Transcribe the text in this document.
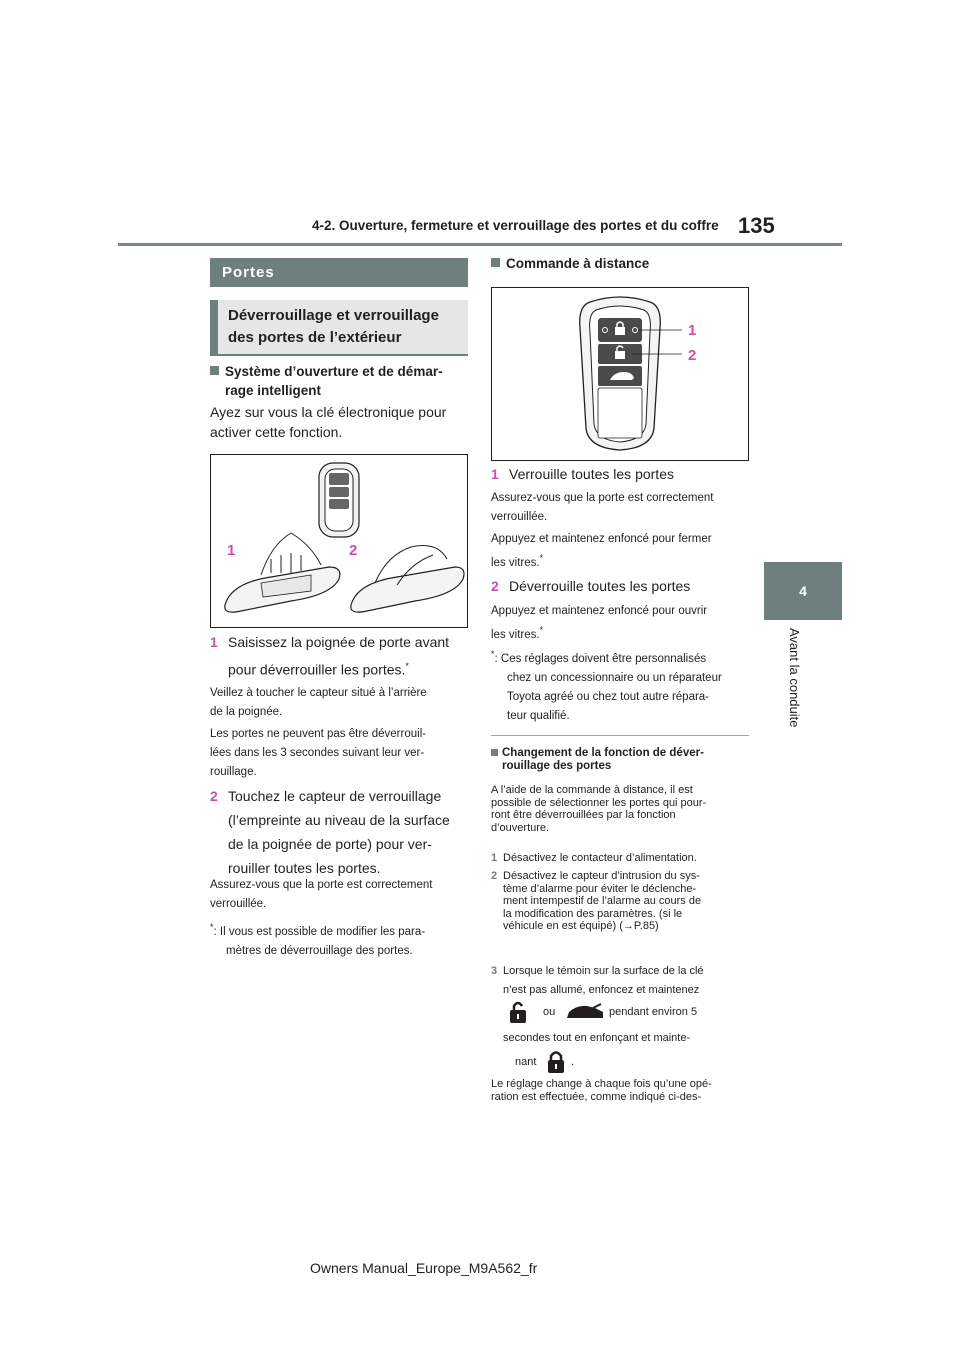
4-2. Ouverture, fermeture et verrouillage des portes et du coffre 135
4
Avant la conduite
Portes
Déverrouillage et verrouillage
des portes de l’extérieur
Système d’ouverture et de démar-
rage intelligent
Ayez sur vous la clé électronique pour
activer cette fonction.
1	2
1 Saisissez la poignée de porte avant
pour déverrouiller les portes.*
Veillez à toucher le capteur situé à l’arrière
de la poignée.
Les portes ne peuvent pas être déverrouil-
lées dans les 3 secondes suivant leur ver-
rouillage.
2 Touchez le capteur de verrouillage
(l’empreinte au niveau de la surface
de la poignée de porte) pour ver-
rouiller toutes les portes.
Assurez-vous que la porte est correctement
verrouillée.
*: Il vous est possible de modifier les para-
mètres de déverrouillage des portes.
Commande à distance
1
2
1 Verrouille toutes les portes
Assurez-vous que la porte est correctement
verrouillée.
Appuyez et maintenez enfoncé pour fermer
les vitres.*
2 Déverrouille toutes les portes
Appuyez et maintenez enfoncé pour ouvrir
les vitres.*
*: Ces réglages doivent être personnalisés
chez un concessionnaire ou un réparateur
Toyota agréé ou chez tout autre répara-
teur qualifié.
Changement de la fonction de déver-
rouillage des portes
A l’aide de la commande à distance, il est
possible de sélectionner les portes qui pour-
ront être déverrouillées par la fonction
d’ouverture.
1 Désactivez le contacteur d’alimentation.
2 Désactivez le capteur d’intrusion du sys-
tème d’alarme pour éviter le déclenche-
ment intempestif de l’alarme au cours de
la modification des paramètres. (si le
véhicule en est équipé) (→P.85)
3 Lorsque le témoin sur la surface de la clé
n’est pas allumé, enfoncez et maintenez
ou	pendant environ 5
secondes tout en enfonçant et mainte-
nant	.
Le réglage change à chaque fois qu’une opé-
ration est effectuée, comme indiqué ci-des-
Owners Manual_Europe_M9A562_fr
